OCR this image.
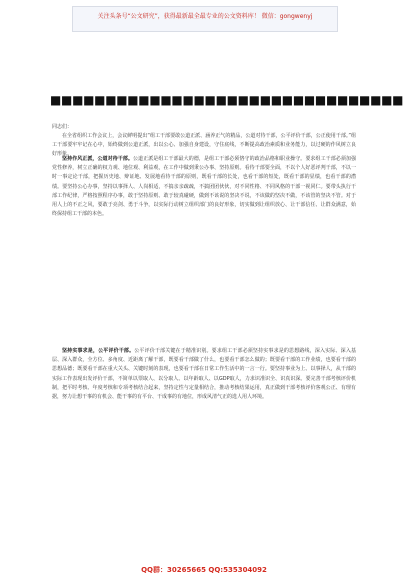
关注头条号“公文研究”，获得最新最全最专业的公文资料库！ 微信：gongwenyj
■■■■■■■■■■■■■■■■■■■■■■■■■■■■■■■■
同志们：

在全省组织工作会议上，会议鲜明提出“组工干部要敢公道正派、涵养正气的精品，公道对待干部，公平评价干部，公正使用干部。”组工干部要牢牢记在心中，始终做到公道正派，出以公心、加强自身建设，守住底线，不断提高政治素质和业务能力，以过硬的作风树立良好形象。

坚持作风正派，公道对待干部。公道正派是组工干部最大的德，是组工干部必须恪守的政治品格和职业操守。要求组工干部必须加强党性修养，树立正确的权力观、地位观、利益观，在工作中做到秉公办事、坚持原则。看待干部要全面，不以个人好恶评判干部，不以一时一事定论干部，把握历史地、辩证地、发展地看待干部的原则，既看干部的长处，也看干部的短处，既看干部的显绩，也看干部的潜绩。要坚持公心办事，坚持以事择人、人岗相适，不搞亲亲疏疏，不搞团团伙伙，对不同性格、不同风格的干部一视同仁。要带头执行干部工作纪律，严格按照程序办事，敢于坚持原则、敢于较真碰硬，做到不该说的坚决不说，不该做的坚决不做，不该管的坚决不管。对于用人上的不正之风，要敢于亮剑、勇于斗争，以实际行动树立组织部门的良好形象，切实做到让组织放心、让干部信任、让群众满意，始终保持组工干部的本色。

坚持实事求是，公平评价干部。公平评价干部关键在于精准识别。要求组工干部必须坚持实事求是的思想路线，深入实际、深入基层、深入群众，全方位、多角度、近距离了解干部，既要看干部做了什么，也要看干部怎么做的；既要看干部的工作业绩，也要看干部的思想品德；既要看干部在重大关头、关键时刻的表现，也要看干部在日常工作生活中的一言一行。要坚持事业为上、以事择人，从干部的实际工作表现出发评价干部，不简单以票取人、以分取人、以年龄取人、以GDP取人，力求识准识全、识真识深。要完善干部考核评价机制，把平时考核、年度考核和专项考核结合起来，坚持定性与定量相结合，推动考核结果运用，真正做到干部考核评价客观公正、有理有据，努力让想干事的有机会、能干事的有平台、干成事的有地位，形成风清气正的选人用人环境。

QQ群：30265665 QQ:535304092
